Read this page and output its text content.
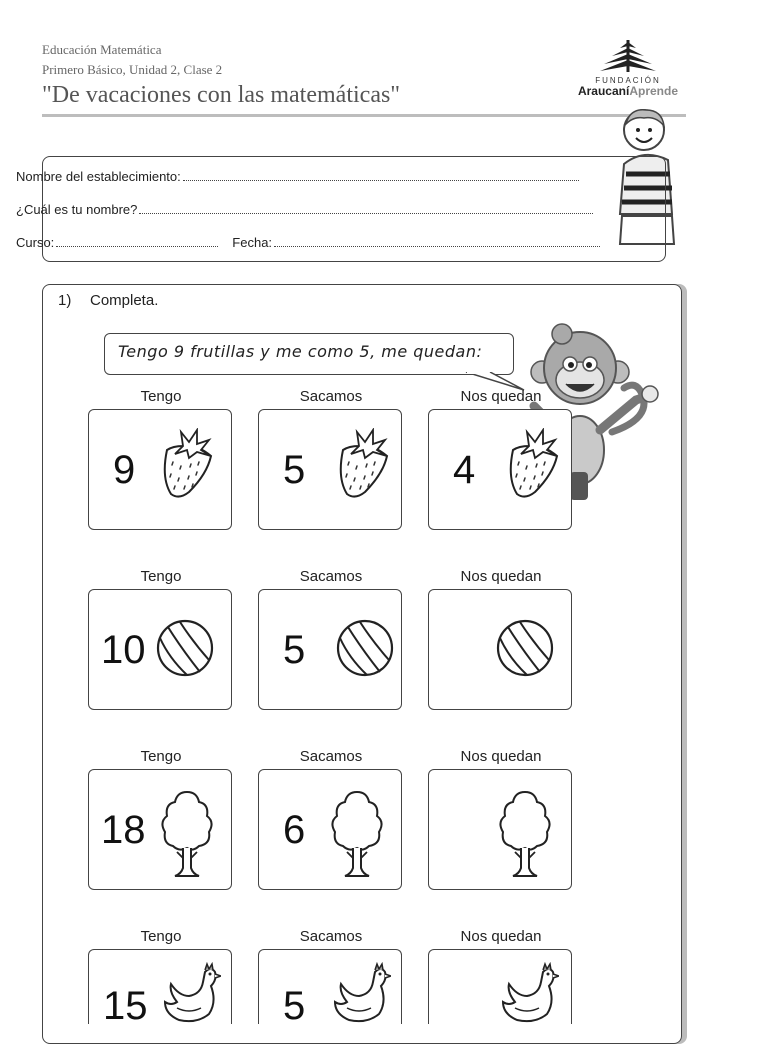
Educación Matemática
Primero Básico, Unidad 2, Clase 2
"De vacaciones con las matemáticas"
FUNDACIÓN
AraucaníAprende
Nombre del establecimiento:
¿Cuál es tu nombre?
Curso:	Fecha:
1) Completa.
Tengo 9 frutillas y me como 5, me quedan:
Tengo	Sacamos	Nos quedan
9	5	4
Tengo	Sacamos	Nos quedan
10	5
Tengo	Sacamos	Nos quedan
18	6
Tengo	Sacamos	Nos quedan
15	5
